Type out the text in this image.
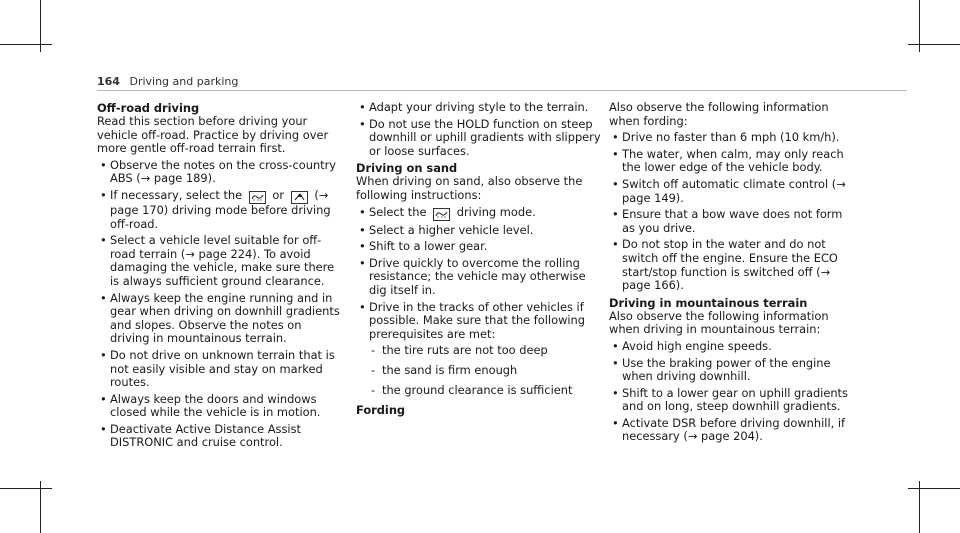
164 Driving and parking
Off-road driving

Read this section before driving your vehicle off-road. Practice by driving over more gentle off-road terrain first.

• Observe the notes on the cross-country ABS (→ page 189).
• If necessary, select the	or	(→ page 170) driving mode before driving off-road.
• Select a vehicle level suitable for off-road terrain (→ page 224). To avoid damaging the vehicle, make sure there is always sufficient ground clearance.
• Always keep the engine running and in gear when driving on downhill gradients and slopes. Observe the notes on driving in mountainous terrain.
• Do not drive on unknown terrain that is not easily visible and stay on marked routes.
• Always keep the doors and windows closed while the vehicle is in motion.
• Deactivate Active Distance Assist DISTRONIC and cruise control.
• Adapt your driving style to the terrain.
• Do not use the HOLD function on steep downhill or uphill gradients with slippery or loose surfaces.
Driving on sand

When driving on sand, also observe the following instructions:

• Select the	driving mode.
• Select a higher vehicle level.
• Shift to a lower gear.
• Drive quickly to overcome the rolling resistance; the vehicle may otherwise dig itself in.
• Drive in the tracks of other vehicles if possible. Make sure that the following prerequisites are met:
- the tire ruts are not too deep
- the sand is firm enough
- the ground clearance is sufficient
Fording

Also observe the following information when fording:

• Drive no faster than 6 mph (10 km/h).
• The water, when calm, may only reach the lower edge of the vehicle body.
• Switch off automatic climate control (→ page 149).
• Ensure that a bow wave does not form as you drive.
• Do not stop in the water and do not switch off the engine. Ensure the ECO start/stop function is switched off (→ page 166).
Driving in mountainous terrain

Also observe the following information when driving in mountainous terrain:

• Avoid high engine speeds.
• Use the braking power of the engine when driving downhill.
• Shift to a lower gear on uphill gradients and on long, steep downhill gradients.
• Activate DSR before driving downhill, if necessary (→ page 204).
